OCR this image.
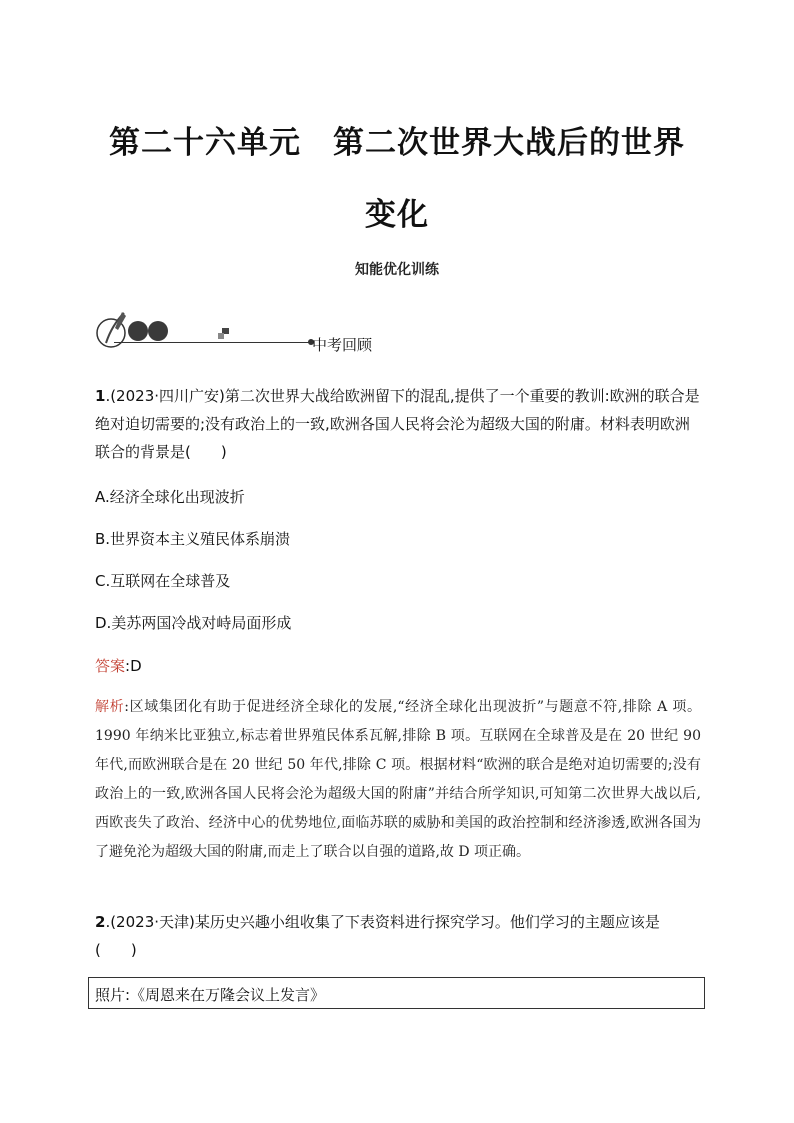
第二十六单元　第二次世界大战后的世界
变化
知能优化训练
中考回顾
1.(2023·四川广安)第二次世界大战给欧洲留下的混乱,提供了一个重要的教训:欧洲的联合是绝对迫切需要的;没有政治上的一致,欧洲各国人民将会沦为超级大国的附庸。材料表明欧洲联合的背景是(　　)
A.经济全球化出现波折
B.世界资本主义殖民体系崩溃
C.互联网在全球普及
D.美苏两国冷战对峙局面形成
答案:D
解析:区域集团化有助于促进经济全球化的发展,“经济全球化出现波折”与题意不符,排除 A 项。1990 年纳米比亚独立,标志着世界殖民体系瓦解,排除 B 项。互联网在全球普及是在 20 世纪 90 年代,而欧洲联合是在 20 世纪 50 年代,排除 C 项。根据材料“欧洲的联合是绝对迫切需要的;没有政治上的一致,欧洲各国人民将会沦为超级大国的附庸”并结合所学知识,可知第二次世界大战以后,西欧丧失了政治、经济中心的优势地位,面临苏联的威胁和美国的政治控制和经济渗透,欧洲各国为了避免沦为超级大国的附庸,而走上了联合以自强的道路,故 D 项正确。
2.(2023·天津)某历史兴趣小组收集了下表资料进行探究学习。他们学习的主题应该是(　　)
照片:《周恩来在万隆会议上发言》
